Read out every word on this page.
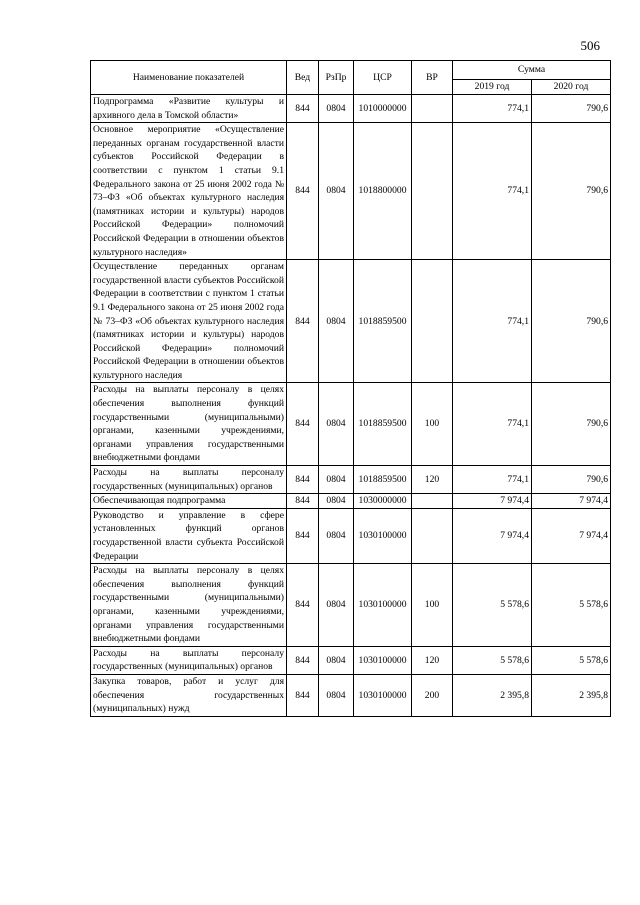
506
Наименование показателей	Вед	РзПр	ЦСР	ВР	Сумма	
					2019 год	2020 год
Подпрограмма «Развитие культуры и архивного дела в Томской области»	844	0804	1010000000		774,1	790,6
Основное мероприятие «Осуществление переданных органам государственной власти субъектов Российской Федерации в соответствии с пунктом 1 статьи 9.1 Федерального закона от 25 июня 2002 года № 73–ФЗ «Об объектах культурного наследия (памятниках истории и культуры) народов Российской Федерации» полномочий Российской Федерации в отношении объектов культурного наследия»	844	0804	1018800000		774,1	790,6
Осуществление переданных органам государственной власти субъектов Российской Федерации в соответствии с пунктом 1 статьи 9.1 Федерального закона от 25 июня 2002 года № 73–ФЗ «Об объектах культурного наследия (памятниках истории и культуры) народов Российской Федерации» полномочий Российской Федерации в отношении объектов культурного наследия	844	0804	1018859500		774,1	790,6
Расходы на выплаты персоналу в целях обеспечения выполнения функций государственными (муниципальными) органами, казенными учреждениями, органами управления государственными внебюджетными фондами	844	0804	1018859500	100	774,1	790,6
Расходы на выплаты персоналу государственных (муниципальных) органов	844	0804	1018859500	120	774,1	790,6
Обеспечивающая подпрограмма	844	0804	1030000000		7 974,4	7 974,4
Руководство и управление в сфере установленных функций органов государственной власти субъекта Российской Федерации	844	0804	1030100000		7 974,4	7 974,4
Расходы на выплаты персоналу в целях обеспечения выполнения функций государственными (муниципальными) органами, казенными учреждениями, органами управления государственными внебюджетными фондами	844	0804	1030100000	100	5 578,6	5 578,6
Расходы на выплаты персоналу государственных (муниципальных) органов	844	0804	1030100000	120	5 578,6	5 578,6
Закупка товаров, работ и услуг для обеспечения государственных (муниципальных) нужд	844	0804	1030100000	200	2 395,8	2 395,8
